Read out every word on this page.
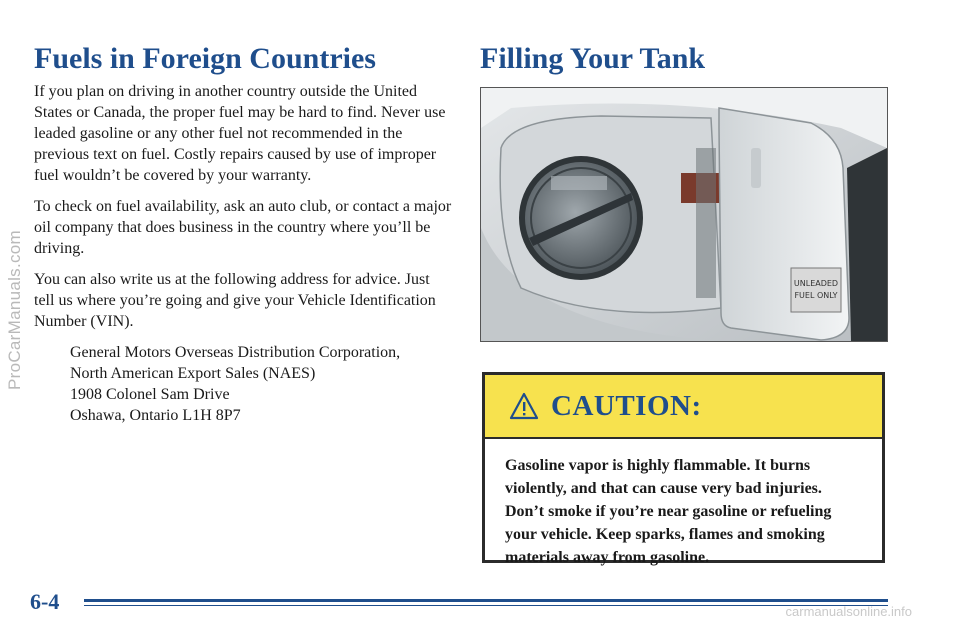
ProCarManuals.com
Fuels in Foreign Countries

If you plan on driving in another country outside the United States or Canada, the proper fuel may be hard to find. Never use leaded gasoline or any other fuel not recommended in the previous text on fuel. Costly repairs caused by use of improper fuel wouldn’t be covered by your warranty.

To check on fuel availability, ask an auto club, or contact a major oil company that does business in the country where you’ll be driving.

You can also write us at the following address for advice. Just tell us where you’re going and give your Vehicle Identification Number (VIN).

General Motors Overseas Distribution Corporation,
North American Export Sales (NAES)
1908 Colonel Sam Drive
Oshawa, Ontario L1H 8P7
Filling Your Tank
UNLEADED
FUEL ONLY
CAUTION:
Gasoline vapor is highly flammable. It burns violently, and that can cause very bad injuries. Don’t smoke if you’re near gasoline or refueling your vehicle. Keep sparks, flames and smoking materials away from gasoline.
6-4	carmanualsonline.info
